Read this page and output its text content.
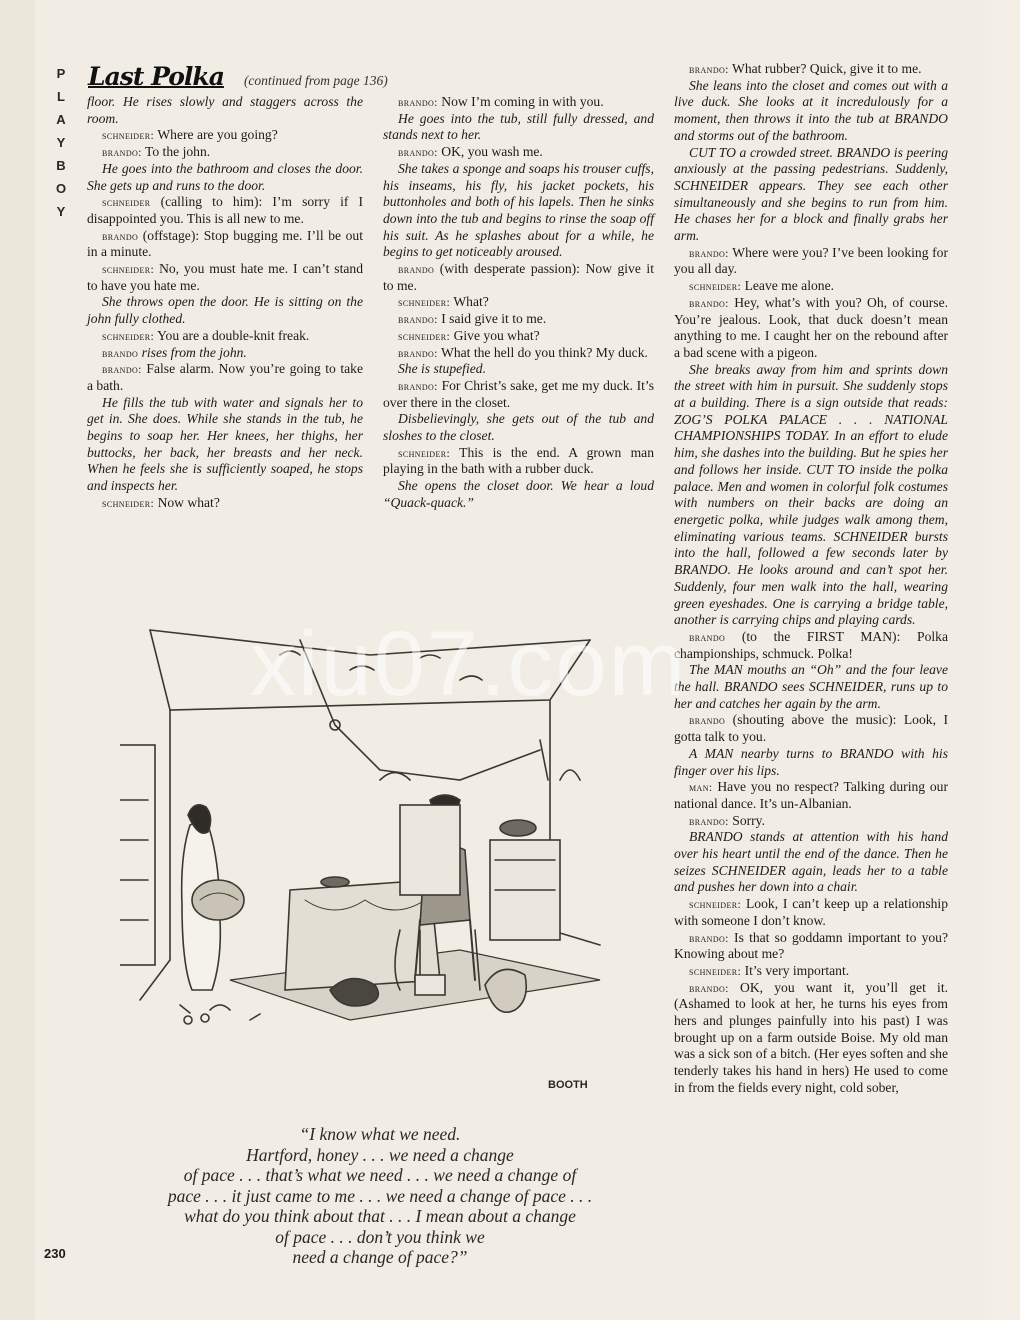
P
L
A
Y
B
O
Y
Last Polka (continued from page 136)

floor. He rises slowly and staggers across the room.

schneider: Where are you going?

brando: To the john.

He goes into the bathroom and closes the door. She gets up and runs to the door.

schneider (calling to him): I’m sorry if I disappointed you. This is all new to me.

brando (offstage): Stop bugging me. I’ll be out in a minute.

schneider: No, you must hate me. I can’t stand to have you hate me.

She throws open the door. He is sitting on the john fully clothed.

schneider: You are a double-knit freak.

brando rises from the john.

brando: False alarm. Now you’re going to take a bath.

He fills the tub with water and signals her to get in. She does. While she stands in the tub, he begins to soap her. Her knees, her thighs, her buttocks, her back, her breasts and her neck. When he feels she is sufficiently soaped, he stops and inspects her.

schneider: Now what?

brando: Now I’m coming in with you.

He goes into the tub, still fully dressed, and stands next to her.

brando: OK, you wash me.

She takes a sponge and soaps his trouser cuffs, his inseams, his fly, his jacket pockets, his buttonholes and both of his lapels. Then he sinks down into the tub and begins to rinse the soap off his suit. As he splashes about for a while, he begins to get noticeably aroused.

brando (with desperate passion): Now give it to me.

schneider: What?

brando: I said give it to me.

schneider: Give you what?

brando: What the hell do you think? My duck.

She is stupefied.

brando: For Christ’s sake, get me my duck. It’s over there in the closet.

Disbelievingly, she gets out of the tub and sloshes to the closet.

schneider: This is the end. A grown man playing in the bath with a rubber duck.

She opens the closet door. We hear a loud “Quack-quack.”

brando: What rubber? Quick, give it to me.

She leans into the closet and comes out with a live duck. She looks at it incredulously for a moment, then throws it into the tub at BRANDO and storms out of the bathroom.

CUT TO a crowded street. BRANDO is peering anxiously at the passing pedestrians. Suddenly, SCHNEIDER appears. They see each other simultaneously and she begins to run from him. He chases her for a block and finally grabs her arm.

brando: Where were you? I’ve been looking for you all day.

schneider: Leave me alone.

brando: Hey, what’s with you? Oh, of course. You’re jealous. Look, that duck doesn’t mean anything to me. I caught her on the rebound after a bad scene with a pigeon.

She breaks away from him and sprints down the street with him in pursuit. She suddenly stops at a building. There is a sign outside that reads: ZOG’S POLKA PALACE . . . NATIONAL CHAMPIONSHIPS TODAY. In an effort to elude him, she dashes into the building. But he spies her and follows her inside. CUT TO inside the polka palace. Men and women in colorful folk costumes with numbers on their backs are doing an energetic polka, while judges walk among them, eliminating various teams. SCHNEIDER bursts into the hall, followed a few seconds later by BRANDO. He looks around and can’t spot her. Suddenly, four men walk into the hall, wearing green eyeshades. One is carrying a bridge table, another is carrying chips and playing cards.

brando (to the FIRST MAN): Polka championships, schmuck. Polka!

The MAN mouths an “Oh” and the four leave the hall. BRANDO sees SCHNEIDER, runs up to her and catches her again by the arm.

brando (shouting above the music): Look, I gotta talk to you.

A MAN nearby turns to BRANDO with his finger over his lips.

man: Have you no respect? Talking during our national dance. It’s un-Albanian.

brando: Sorry.

BRANDO stands at attention with his hand over his heart until the end of the dance. Then he seizes SCHNEIDER again, leads her to a table and pushes her down into a chair.

schneider: Look, I can’t keep up a relationship with someone I don’t know.

brando: Is that so goddamn important to you? Knowing about me?

schneider: It’s very important.

brando: OK, you want it, you’ll get it. (Ashamed to look at her, he turns his eyes from hers and plunges painfully into his past) I was brought up on a farm outside Boise. My old man was a sick son of a bitch. (Her eyes soften and she tenderly takes his hand in hers) He used to come in from the fields every night, cold sober,

BOOTH
xiu07.com
“I know what we need.
Hartford, honey . . . we need a change
of pace . . . that’s what we need . . . we need a change of
pace . . . it just came to me . . . we need a change of pace . . .
what do you think about that . . . I mean about a change
of pace . . . don’t you think we
need a change of pace?”
230
